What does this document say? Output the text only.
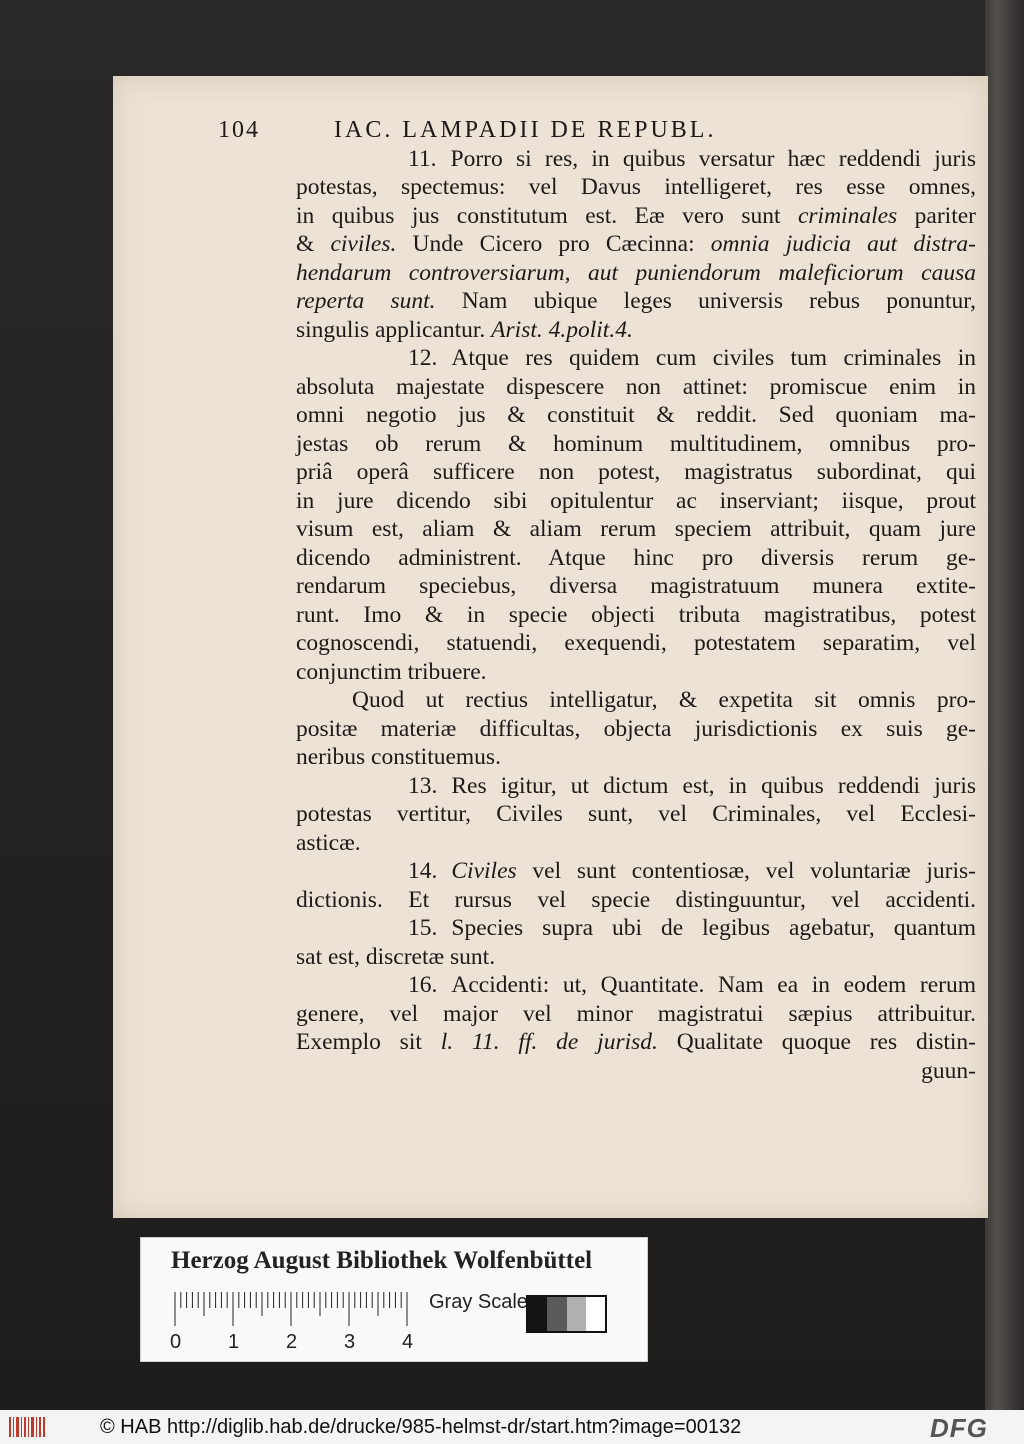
104	IAC. LAMPADII DE REPUBL.

11. Porro si res, in quibus versatur hæc reddendi juris

potestas, spectemus: vel Davus intelligeret, res esse omnes,

in quibus jus constitutum est. Eæ vero sunt criminales pariter

& civiles. Unde Cicero pro Cæcinna: omnia judicia aut distra-

hendarum controversiarum, aut puniendorum maleficiorum causa

reperta sunt. Nam ubique leges universis rebus ponuntur,

singulis applicantur. Arist. 4.polit.4.

12. Atque res quidem cum civiles tum criminales in

absoluta majestate dispescere non attinet: promiscue enim in

omni negotio jus & constituit & reddit. Sed quoniam ma-

jestas ob rerum & hominum multitudinem, omnibus pro-

priâ operâ sufficere non potest, magistratus subordinat, qui

in jure dicendo sibi opitulentur ac inserviant; iisque, prout

visum est, aliam & aliam rerum speciem attribuit, quam jure

dicendo administrent. Atque hinc pro diversis rerum ge-

rendarum speciebus, diversa magistratuum munera extite-

runt. Imo & in specie objecti tributa magistratibus, potest

cognoscendi, statuendi, exequendi, potestatem separatim, vel

conjunctim tribuere.

Quod ut rectius intelligatur, & expetita sit omnis pro-

positæ materiæ difficultas, objecta jurisdictionis ex suis ge-

neribus constituemus.

13. Res igitur, ut dictum est, in quibus reddendi juris

potestas vertitur, Civiles sunt, vel Criminales, vel Ecclesi-

asticæ.

14. Civiles vel sunt contentiosæ, vel voluntariæ juris-

dictionis. Et rursus vel specie distinguuntur, vel accidenti.

15. Species supra ubi de legibus agebatur, quantum

sat est, discretæ sunt.

16. Accidenti: ut, Quantitate. Nam ea in eodem rerum

genere, vel major vel minor magistratui sæpius attribuitur.

Exemplo sit l. 11. ff. de jurisd. Qualitate quoque res distin-

guun-

Herzog August Bibliothek Wolfenbüttel
Gray Scale
0 1 2 3 4
© HAB http://diglib.hab.de/drucke/985-helmst-dr/start.htm?image=00132	DFG
